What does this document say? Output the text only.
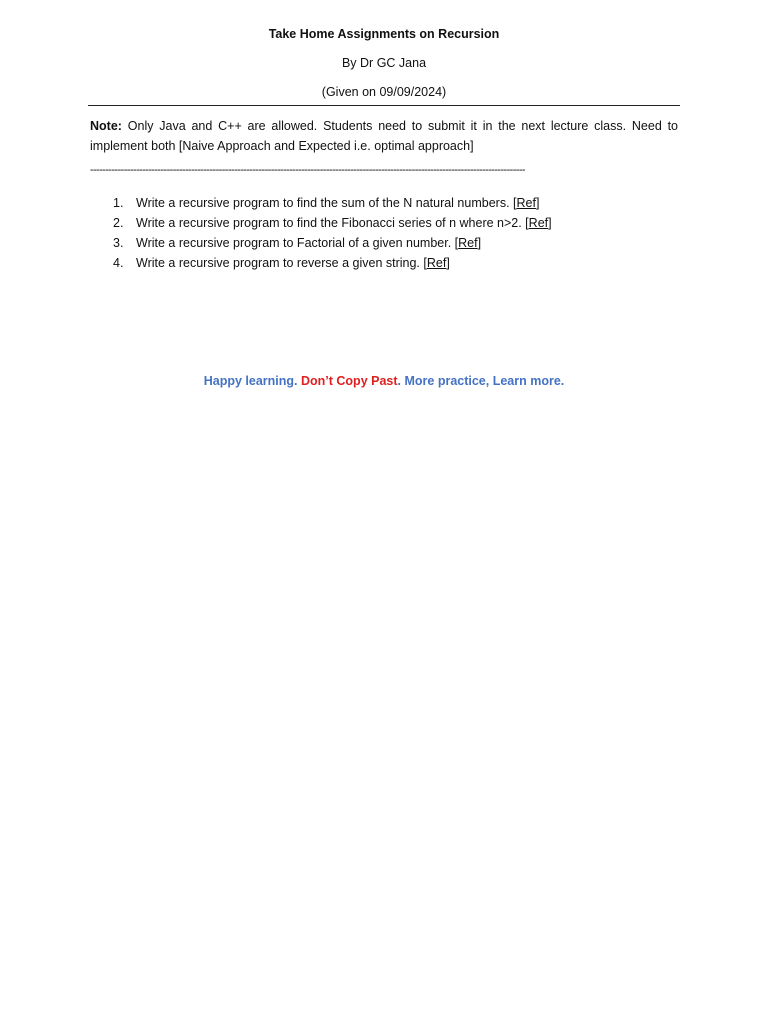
Take Home Assignments on Recursion
By Dr GC Jana
(Given on 09/09/2024)
Note: Only Java and C++ are allowed. Students need to submit it in the next lecture class. Need to implement both [Naive Approach and Expected i.e. optimal approach]
----------------------------------------------------------------------------------------------------------------------------------------------
1. Write a recursive program to find the sum of the N natural numbers. [Ref]
2. Write a recursive program to find the Fibonacci series of n where n>2. [Ref]
3. Write a recursive program to Factorial of a given number. [Ref]
4. Write a recursive program to reverse a given string. [Ref]
Happy learning. Don’t Copy Past. More practice, Learn more.
